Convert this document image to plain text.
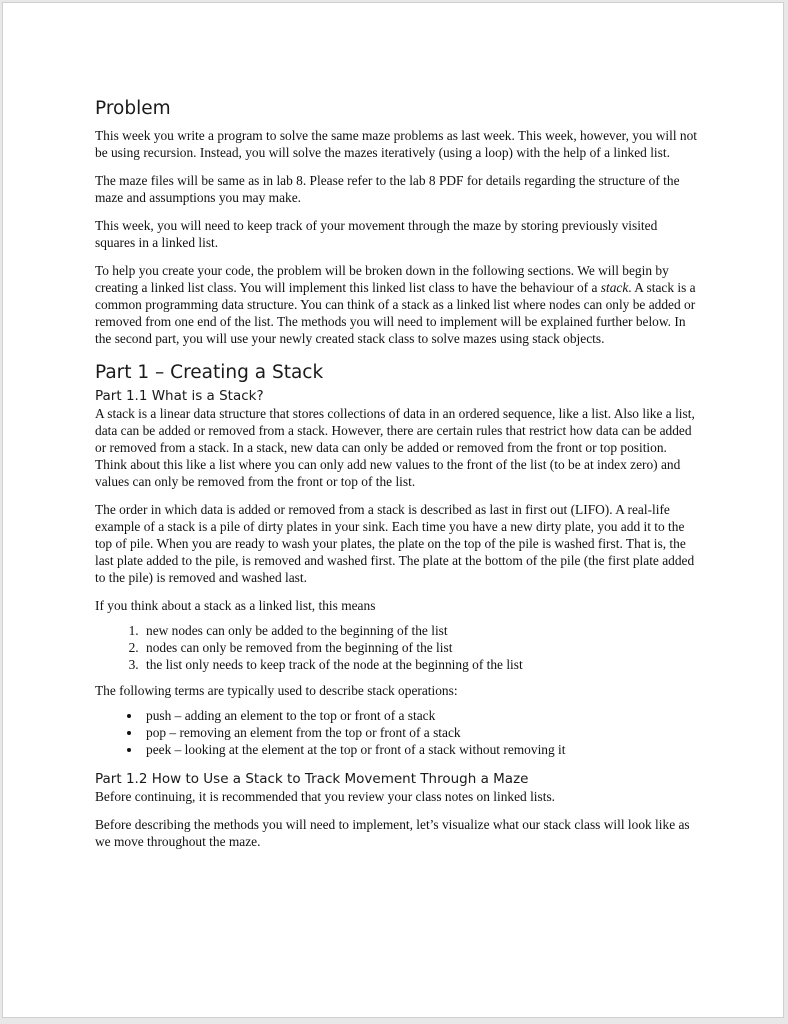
Problem

This week you write a program to solve the same maze problems as last week. This week, however, you will not be using recursion. Instead, you will solve the mazes iteratively (using a loop) with the help of a linked list.

The maze files will be same as in lab 8. Please refer to the lab 8 PDF for details regarding the structure of the maze and assumptions you may make.

This week, you will need to keep track of your movement through the maze by storing previously visited squares in a linked list.

To help you create your code, the problem will be broken down in the following sections. We will begin by creating a linked list class. You will implement this linked list class to have the behaviour of a stack. A stack is a common programming data structure. You can think of a stack as a linked list where nodes can only be added or removed from one end of the list. The methods you will need to implement will be explained further below. In the second part, you will use your newly created stack class to solve mazes using stack objects.

Part 1 – Creating a Stack
Part 1.1 What is a Stack?

A stack is a linear data structure that stores collections of data in an ordered sequence, like a list. Also like a list, data can be added or removed from a stack. However, there are certain rules that restrict how data can be added or removed from a stack. In a stack, new data can only be added or removed from the front or top position. Think about this like a list where you can only add new values to the front of the list (to be at index zero) and values can only be removed from the front or top of the list.

The order in which data is added or removed from a stack is described as last in first out (LIFO). A real-life example of a stack is a pile of dirty plates in your sink. Each time you have a new dirty plate, you add it to the top of pile. When you are ready to wash your plates, the plate on the top of the pile is washed first. That is, the last plate added to the pile, is removed and washed first. The plate at the bottom of the pile (the first plate added to the pile) is removed and washed last.

If you think about a stack as a linked list, this means

1. new nodes can only be added to the beginning of the list
2. nodes can only be removed from the beginning of the list
3. the list only needs to keep track of the node at the beginning of the list

The following terms are typically used to describe stack operations:

• push – adding an element to the top or front of a stack
• pop – removing an element from the top or front of a stack
• peek – looking at the element at the top or front of a stack without removing it
Part 1.2 How to Use a Stack to Track Movement Through a Maze

Before continuing, it is recommended that you review your class notes on linked lists.

Before describing the methods you will need to implement, let’s visualize what our stack class will look like as we move throughout the maze.
